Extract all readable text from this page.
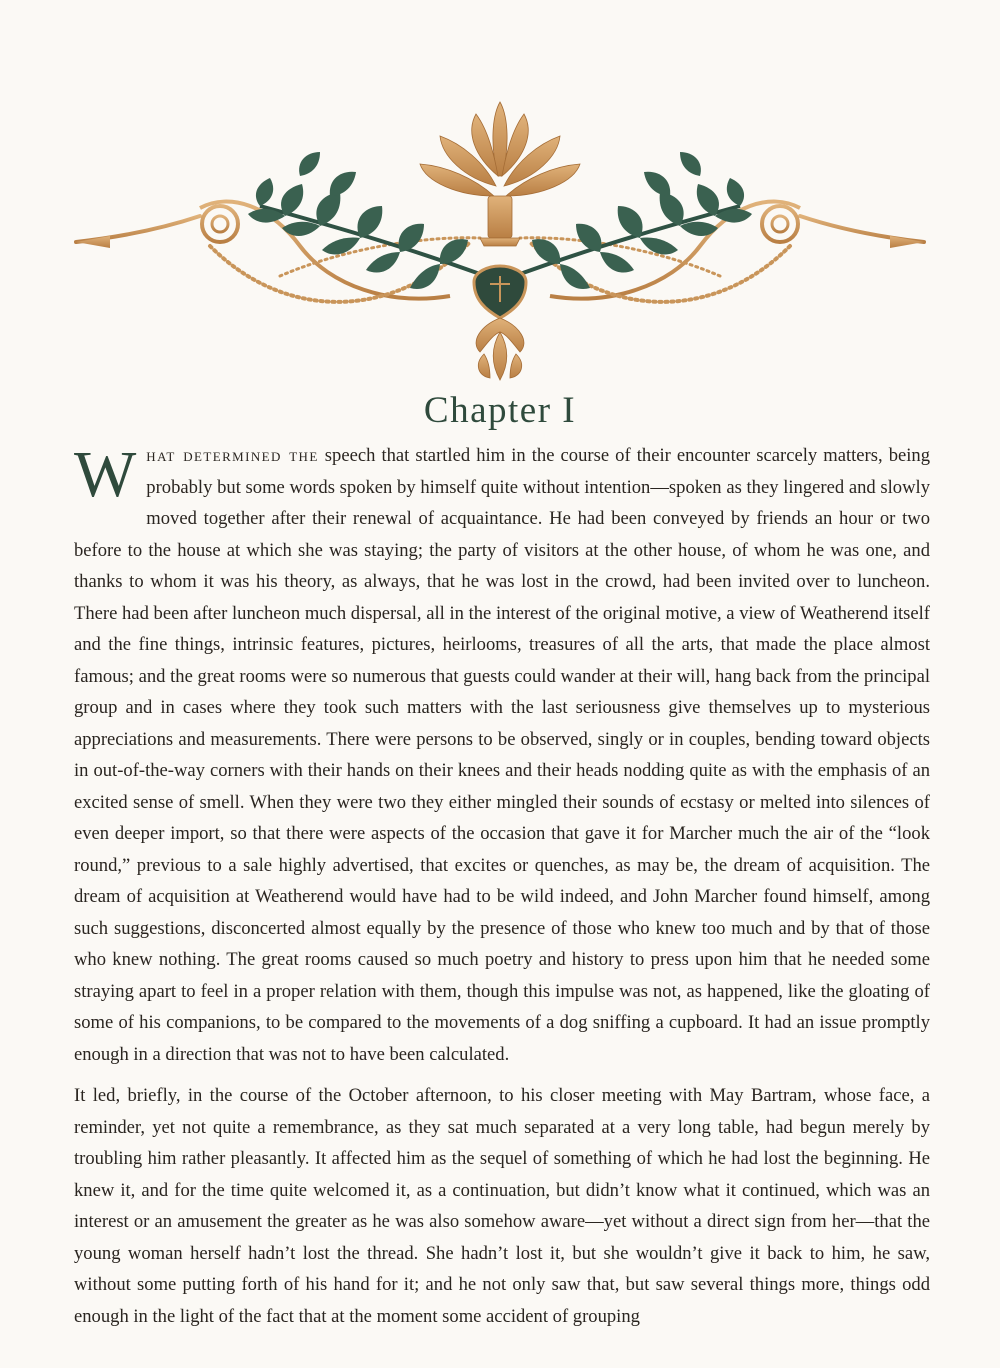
Chapter I

What determined the speech that startled him in the course of their encounter scarcely matters, being probably but some words spoken by himself quite without intention—spoken as they lingered and slowly moved together after their renewal of acquaintance. He had been conveyed by friends an hour or two before to the house at which she was staying; the party of visitors at the other house, of whom he was one, and thanks to whom it was his theory, as always, that he was lost in the crowd, had been invited over to luncheon. There had been after luncheon much dispersal, all in the interest of the original motive, a view of Weatherend itself and the fine things, intrinsic features, pictures, heirlooms, treasures of all the arts, that made the place almost famous; and the great rooms were so numerous that guests could wander at their will, hang back from the principal group and in cases where they took such matters with the last seriousness give themselves up to mysterious appreciations and measurements. There were persons to be observed, singly or in couples, bending toward objects in out-of-the-way corners with their hands on their knees and their heads nodding quite as with the emphasis of an excited sense of smell. When they were two they either mingled their sounds of ecstasy or melted into silences of even deeper import, so that there were aspects of the occasion that gave it for Marcher much the air of the “look round,” previous to a sale highly advertised, that excites or quenches, as may be, the dream of acquisition. The dream of acquisition at Weatherend would have had to be wild indeed, and John Marcher found himself, among such suggestions, disconcerted almost equally by the presence of those who knew too much and by that of those who knew nothing. The great rooms caused so much poetry and history to press upon him that he needed some straying apart to feel in a proper relation with them, though this impulse was not, as happened, like the gloating of some of his companions, to be compared to the movements of a dog sniffing a cupboard. It had an issue promptly enough in a direction that was not to have been calculated.

It led, briefly, in the course of the October afternoon, to his closer meeting with May Bartram, whose face, a reminder, yet not quite a remembrance, as they sat much separated at a very long table, had begun merely by troubling him rather pleasantly. It affected him as the sequel of something of which he had lost the beginning. He knew it, and for the time quite welcomed it, as a continuation, but didn’t know what it continued, which was an interest or an amusement the greater as he was also somehow aware—yet without a direct sign from her—that the young woman herself hadn’t lost the thread. She hadn’t lost it, but she wouldn’t give it back to him, he saw, without some putting forth of his hand for it; and he not only saw that, but saw several things more, things odd enough in the light of the fact that at the moment some accident of grouping
